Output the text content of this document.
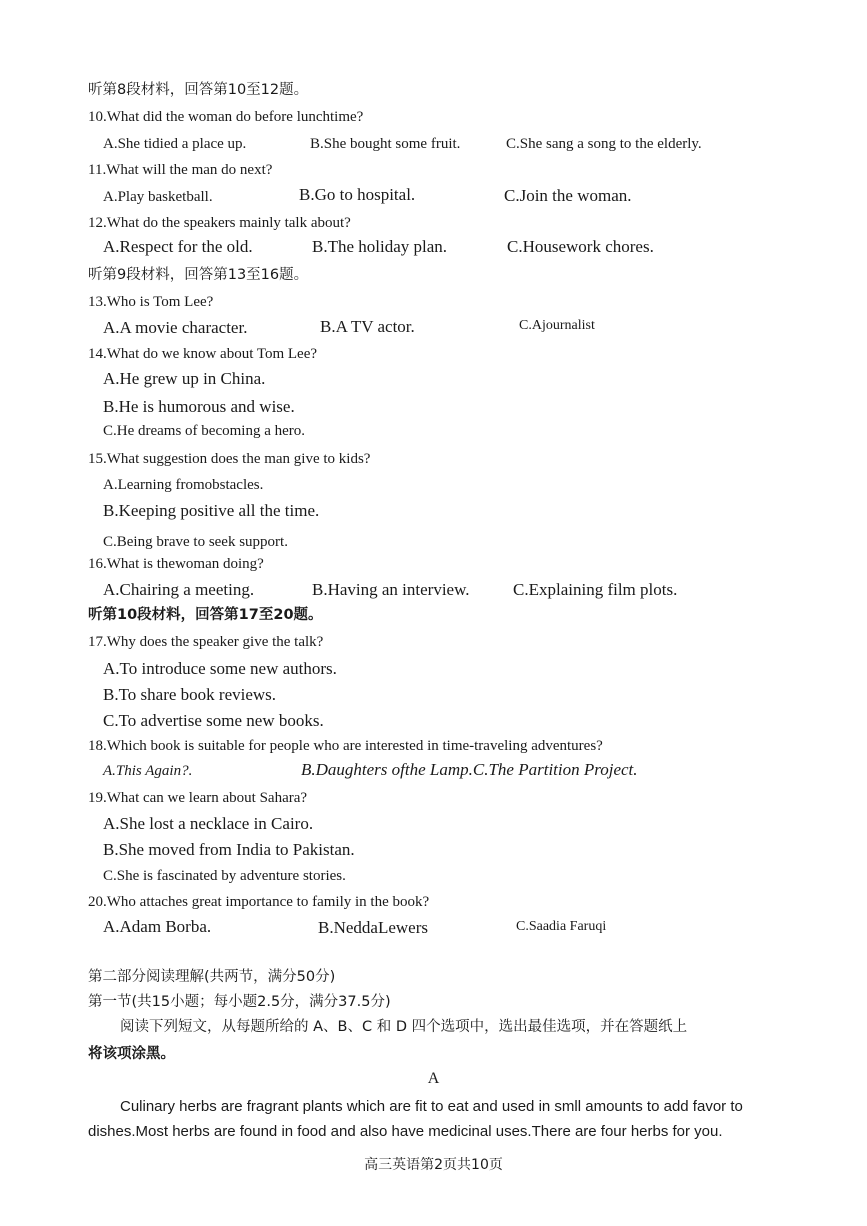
听第8段材料，回答第10至12题。
10.What did the woman do before lunchtime?
A.She tidied a place up.	B.She bought some fruit.	C.She sang a song to the elderly.
11.What will the man do next?
A.Play basketball.	B.Go to hospital.	C.Join the woman.
12.What do the speakers mainly talk about?
A.Respect for the old.	B.The holiday plan.	C.Housework chores.
听第9段材料，回答第13至16题。
13.Who is Tom Lee?
A.A movie character.	B.A TV actor.	C.Ajournalist
14.What do we know about Tom Lee?
A.He grew up in China.
B.He is humorous and wise.
C.He dreams of becoming a hero.
15.What suggestion does the man give to kids?
A.Learning fromobstacles.
B.Keeping positive all the time.
C.Being brave to seek support.
16.What is thewoman doing?
A.Chairing a meeting.	B.Having an interview.	C.Explaining film plots.
听第10段材料，回答第17至20题。
17.Why does the speaker give the talk?
A.To introduce some new authors.
B.To share book reviews.
C.To advertise some new books.
18.Which book is suitable for people who are interested in time-traveling adventures?
A.This Again?.	B.Daughters ofthe Lamp.C.The Partition Project.
19.What can we learn about Sahara?
A.She lost a necklace in Cairo.
B.She moved from India to Pakistan.
C.She is fascinated by adventure stories.
20.Who attaches great importance to family in the book?
A.Adam Borba.	B.NeddaLewers	C.Saadia Faruqi
第二部分阅读理解(共两节，满分50分)
第一节(共15小题；每小题2.5分，满分37.5分)
阅读下列短文，从每题所给的 A、B、C 和 D 四个选项中，选出最佳选项，并在答题纸上
将该项涂黑。
A
Culinary herbs are fragrant plants which are fit to eat and used in smll amounts to add favor to
dishes.Most herbs are found in food and also have medicinal uses.There are four herbs for you.
高三英语第2页共10页
